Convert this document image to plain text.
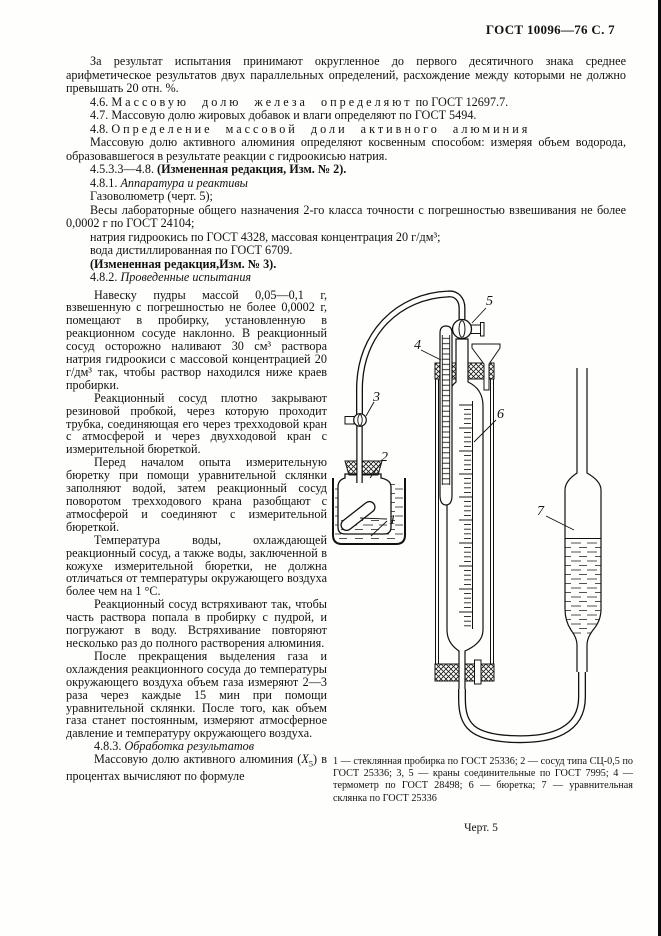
ГОСТ 10096—76 С. 7

За результат испытания принимают округленное до первого десятичного знака среднее арифметическое результатов двух параллельных определений, расхождение между которыми не должно превышать 20 отн. %.

4.6. Массовую долю железа определяют по ГОСТ 12697.7.

4.7. Массовую долю жировых добавок и влаги определяют по ГОСТ 5494.

4.8. Определение массовой доли активного алюминия

Массовую долю активного алюминия определяют косвенным способом: измеряя объем водорода, образовавшегося в результате реакции с гидроокисью натрия.

4.5.3.3—4.8. (Измененная редакция, Изм. № 2).

4.8.1. Аппаратура и реактивы

Газоволюметр (черт. 5);

Весы лабораторные общего назначения 2-го класса точности с погрешностью взвешивания не более 0,0002 г по ГОСТ 24104;

натрия гидроокись по ГОСТ 4328, массовая концентрация 20 г/дм³;

вода дистиллированная по ГОСТ 6709.

(Измененная редакция,Изм. № 3).

4.8.2. Проведенные испытания

Навеску пудры массой 0,05—0,1 г, взвешенную с погрешностью не более 0,0002 г, помещают в пробирку, установленную в реакционном сосуде наклонно. В реакционный сосуд осторожно наливают 30 см³ раствора натрия гидроокиси с массовой концентрацией 20 г/дм³ так, чтобы раствор находился ниже краев пробирки.

Реакционный сосуд плотно закрывают резиновой пробкой, через которую проходит трубка, соединяющая его через трехходовой кран с атмосферой и через двухходовой кран с измерительной бюреткой.

Перед началом опыта измерительную бюретку при помощи уравнительной склянки заполняют водой, затем реакционный сосуд поворотом трехходового крана разобщают с атмосферой и соединяют с измерительной бюреткой.

Температура воды, охлаждающей реакционный сосуд, а также воды, заключенной в кожухе измерительной бюретки, не должна отличаться от температуры окружающего воздуха более чем на 1 °С.

Реакционный сосуд встряхивают так, чтобы часть раствора попала в пробирку с пудрой, и погружают в воду. Встряхивание повторяют несколько раз до полного растворения алюминия.

После прекращения выделения газа и охлаждения реакционного сосуда до температуры окружающего воздуха объем газа измеряют 2—3 раза через каждые 15 мин при помощи уравнительной склянки. После того, как объем газа станет постоянным, измеряют атмосферное давление и температуру окружающего воздуха.

4.8.3. Обработка результатов

Массовую долю активного алюминия $(X_5)$ в процентах вычисляют по формуле

1
2
3
4
5
6
7
1 — стеклянная пробирка по ГОСТ 25336; 2 — сосуд типа СЦ-0,5 по ГОСТ 25336; 3, 5 — краны соединительные по ГОСТ 7995; 4 — термометр по ГОСТ 28498; 6 — бюретка; 7 — уравнительная склянка по ГОСТ 25336
Черт. 5
